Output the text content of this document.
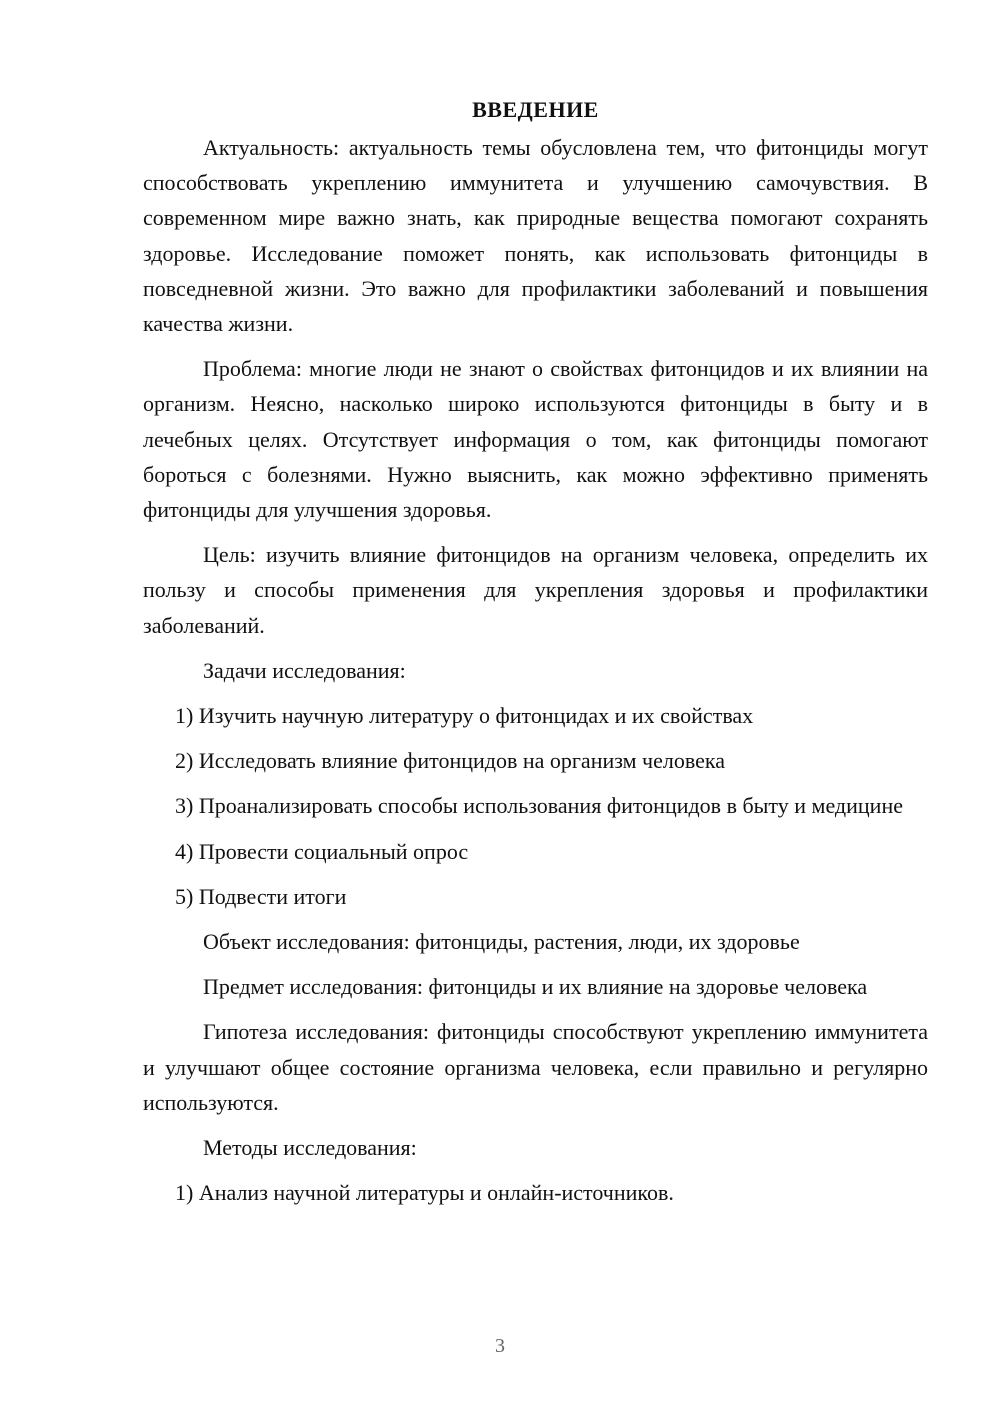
ВВЕДЕНИЕ

Актуальность: актуальность темы обусловлена тем, что фитонциды могут способствовать укреплению иммунитета и улучшению самочувствия. В современном мире важно знать, как природные вещества помогают сохранять здоровье. Исследование поможет понять, как использовать фитонциды в повседневной жизни. Это важно для профилактики заболеваний и повышения качества жизни.

Проблема: многие люди не знают о свойствах фитонцидов и их влиянии на организм. Неясно, насколько широко используются фитонциды в быту и в лечебных целях. Отсутствует информация о том, как фитонциды помогают бороться с болезнями. Нужно выяснить, как можно эффективно применять фитонциды для улучшения здоровья.

Цель: изучить влияние фитонцидов на организм человека, определить их пользу и способы применения для укрепления здоровья и профилактики заболеваний.

Задачи исследования:

1) Изучить научную литературу о фитонцидах и их свойствах

2) Исследовать влияние фитонцидов на организм человека

3) Проанализировать способы использования фитонцидов в быту и медицине

4) Провести социальный опрос

5) Подвести итоги

Объект исследования: фитонциды, растения, люди, их здоровье

Предмет исследования: фитонциды и их влияние на здоровье человека

Гипотеза исследования: фитонциды способствуют укреплению иммунитета и улучшают общее состояние организма человека, если правильно и регулярно используются.

Методы исследования:

1) Анализ научной литературы и онлайн-источников.

3
